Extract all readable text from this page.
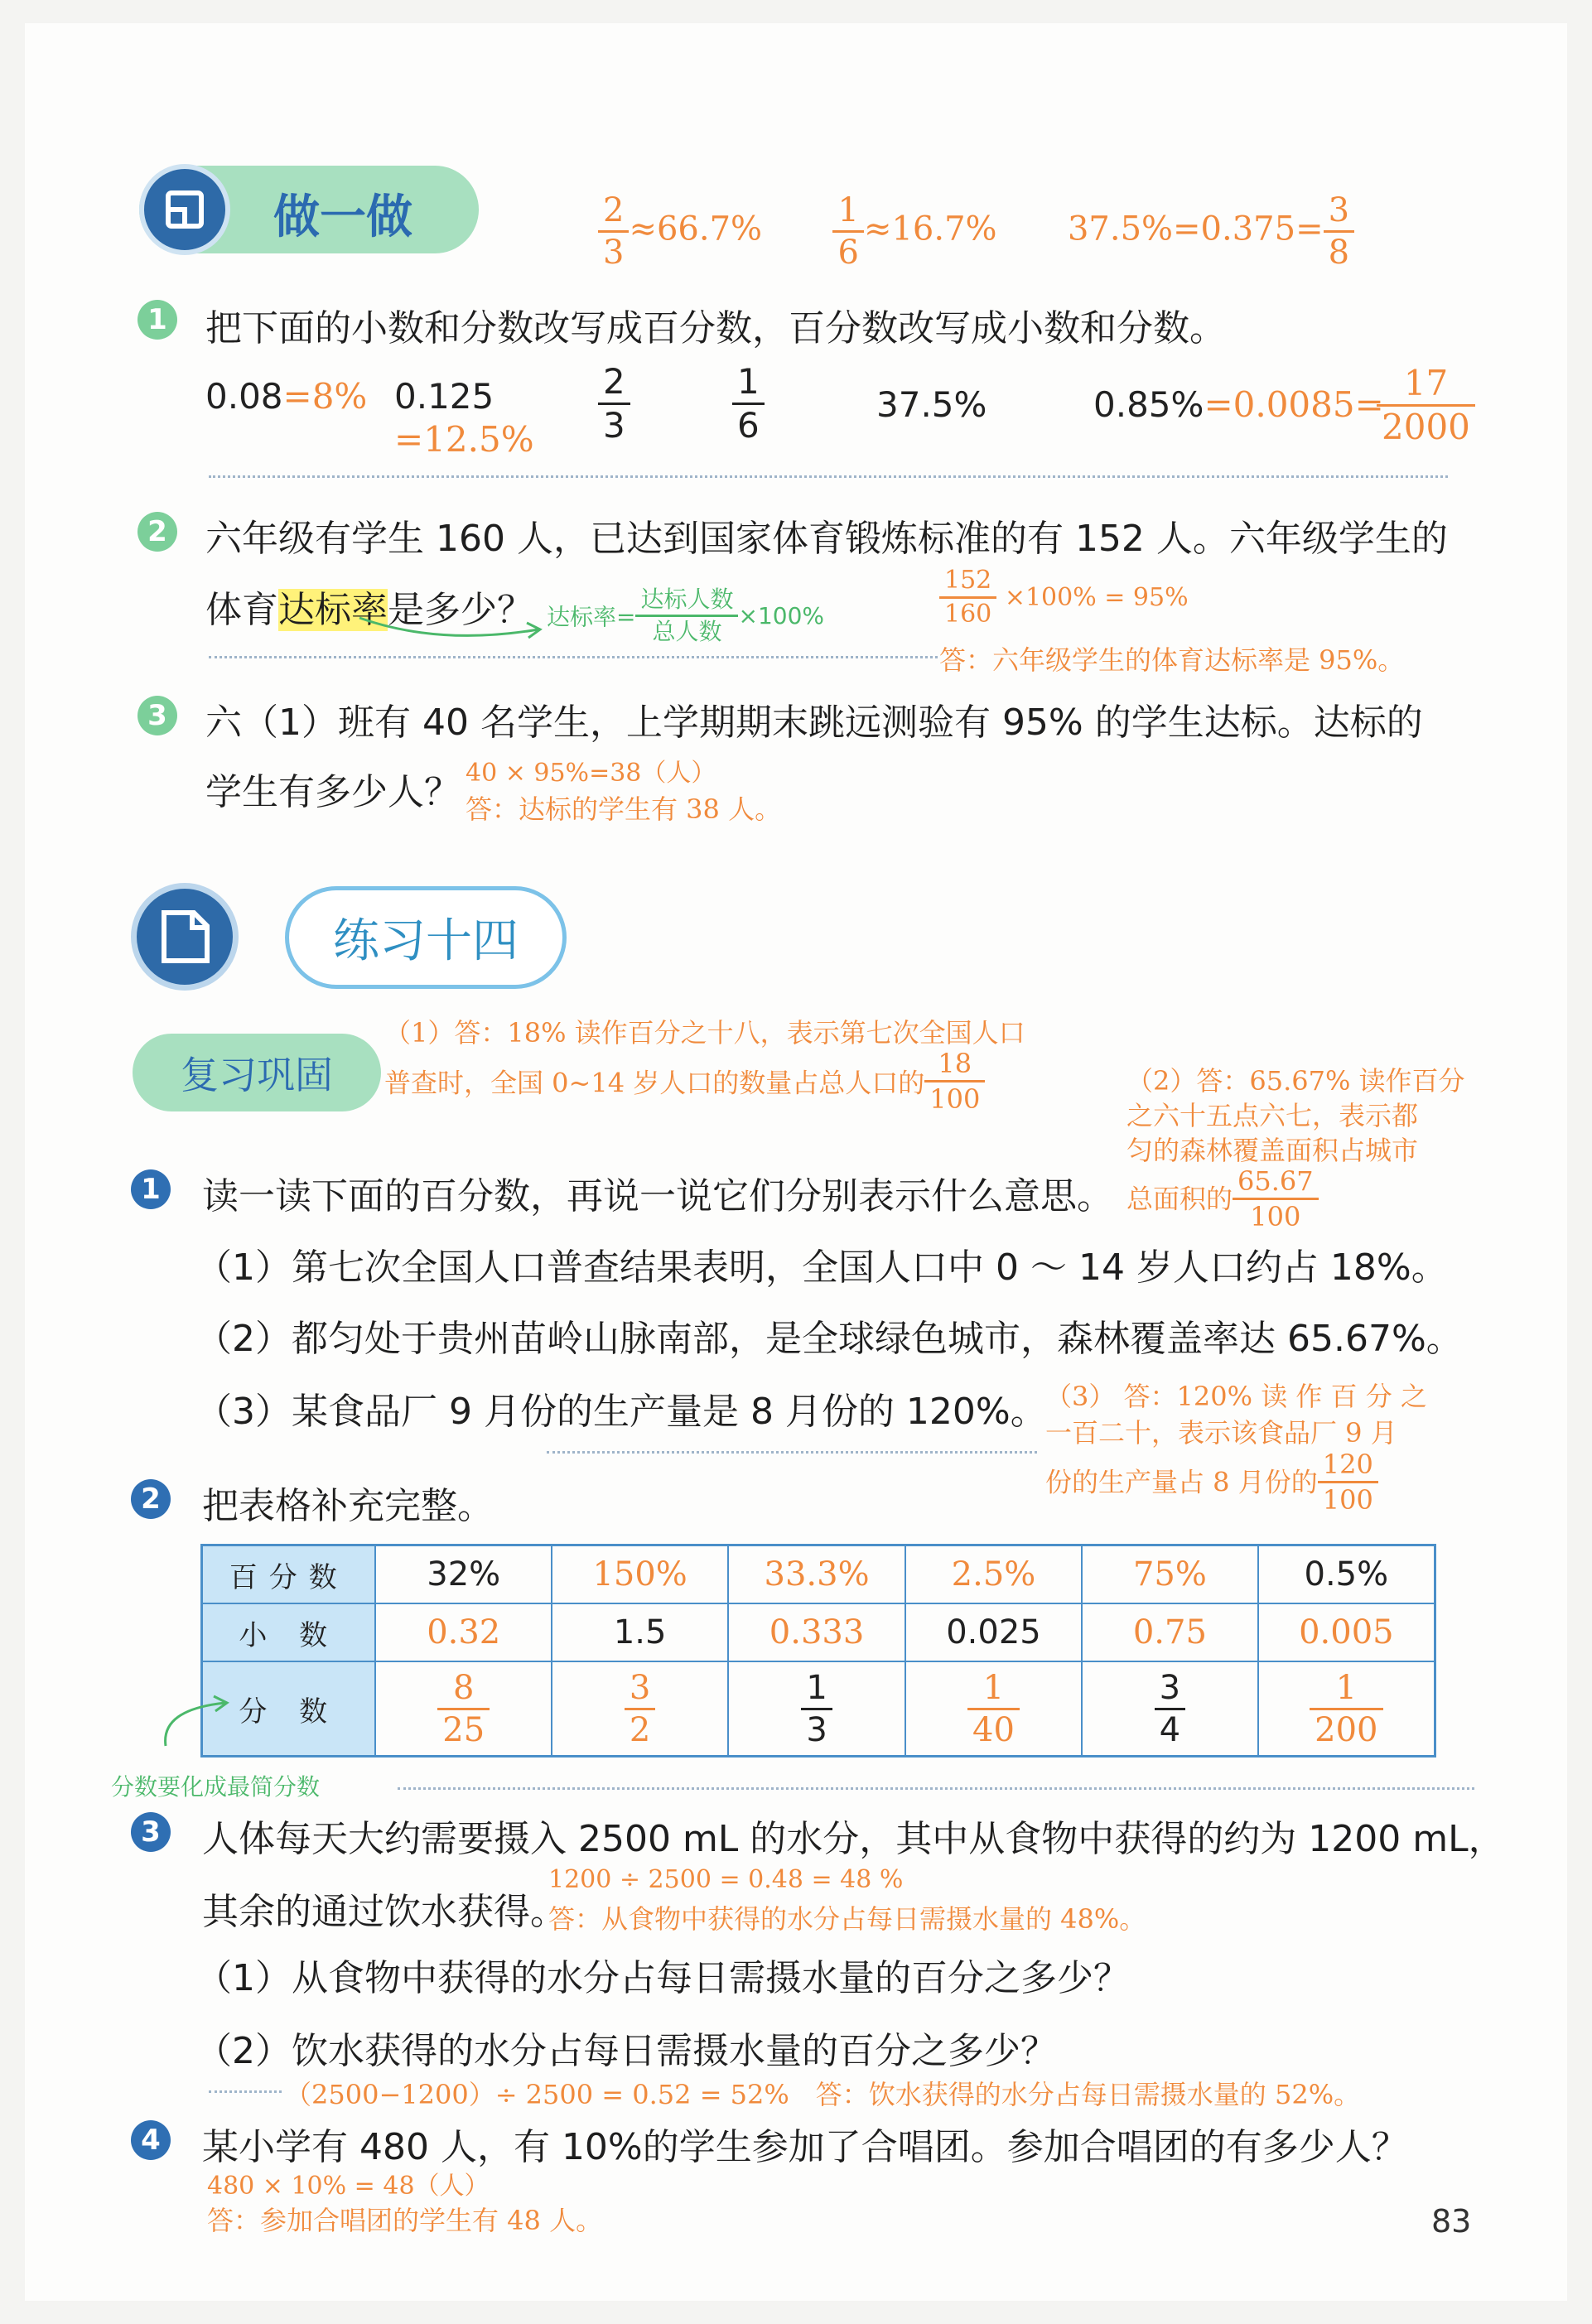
做一做	$\frac{2}{3} \approx 66.7\% \frac{1}{6} \approx 16.7\%$ $37.5\%=0.375= \frac{3}{8}$
1 把下面的小数和分数改写成百分数，百分数改写成小数和分数。
0.08=8% 0.125
=12.5%
2
3
1
6
37.5%	0.85%=0.0085=
17
2000
2 六年级有学生 160 人，已达到国家体育锻炼标准的有 152 人。六年级学生的
体育达标率是多少？ 达标率= $\frac{\text{达标人数}}{\text{总人数}} \times 100\%$	$\frac{152}{160} \times 100\% = 95\%$
答：六年级学生的体育达标率是 95%。
3 六（1）班有 40 名学生，上学期期末跳远测验有 95% 的学生达标。达标的
学生有多少人？ 40 × 95%=38（人）
答：达标的学生有 38 人。
练习十四
复习巩固
（1）答：18% 读作百分之十八，表示第七次全国人口
普查时，全国 0~14 岁人口的数量占总人口的 $\frac{18}{100}$	（2）答：65.67% 读作百分
之六十五点六七，表示都
匀的森林覆盖面积占城市
总面积的 $\frac{65.67}{100}$
1 读一读下面的百分数，再说一说它们分别表示什么意思。
（1）第七次全国人口普查结果表明，全国人口中 0 ～ 14 岁人口约占 18%。
（2）都匀处于贵州苗岭山脉南部，是全球绿色城市，森林覆盖率达 65.67%。
（3）某食品厂 9 月份的生产量是 8 月份的 120%。
（3） 答：120% 读 作 百 分 之
一百二十，表示该食品厂 9 月
份的生产量占 8 月份的 $\frac{120}{100}$
2 把表格补充完整。
百分数	32%	150%	33.3%	2.5%	75%	0.5%
小 数	0.32	1.5	0.333	0.025	0.75	0.005
分 数	$\frac{8}{25}$	$\frac{3}{2}$	$\frac{1}{3}$	$\frac{1}{40}$	$\frac{3}{4}$	$\frac{1}{200}$
分数要化成最简分数
3 人体每天大约需要摄入 2500 mL 的水分，其中从食物中获得的约为 1200 mL，
其余的通过饮水获得。
1200 ÷ 2500 = 0.48 = 48 %
答：从食物中获得的水分占每日需摄水量的 48%。
（1）从食物中获得的水分占每日需摄水量的百分之多少？
（2）饮水获得的水分占每日需摄水量的百分之多少？
（2500−1200）÷ 2500 = 0.52 = 52%　答：饮水获得的水分占每日需摄水量的 52%。
4 某小学有 480 人，有 10%的学生参加了合唱团。参加合唱团的有多少人？
480 × 10% = 48（人）
答：参加合唱团的学生有 48 人。	83
